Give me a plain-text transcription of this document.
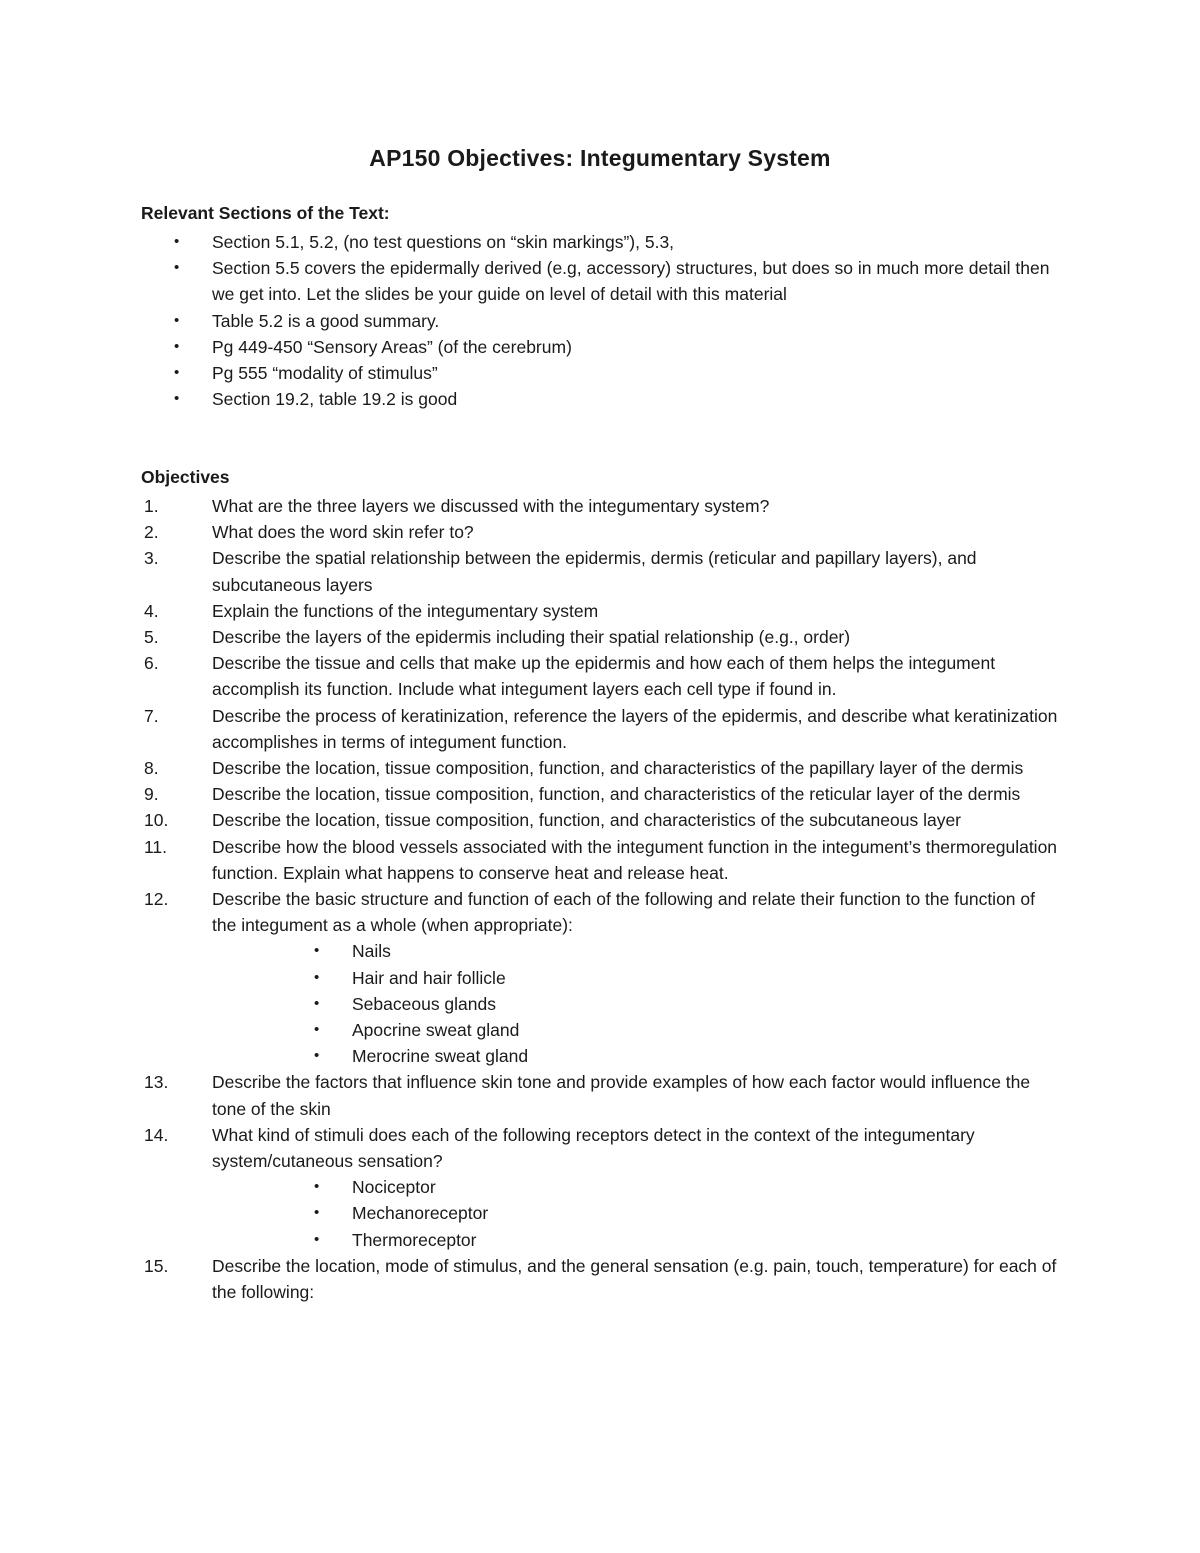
AP150 Objectives: Integumentary System
Relevant Sections of the Text:
•	Section 5.1, 5.2, (no test questions on “skin markings”), 5.3,
•	Section 5.5 covers the epidermally derived (e.g, accessory) structures, but does so in much more detail then we get into. Let the slides be your guide on level of detail with this material
•	Table 5.2 is a good summary.
•	Pg 449-450 “Sensory Areas” (of the cerebrum)
•	Pg 555 “modality of stimulus”
•	Section 19.2, table 19.2 is good
Objectives
1.	What are the three layers we discussed with the integumentary system?
2.	What does the word skin refer to?
3.	Describe the spatial relationship between the epidermis, dermis (reticular and papillary layers), and subcutaneous layers
4.	Explain the functions of the integumentary system
5.	Describe the layers of the epidermis including their spatial relationship (e.g., order)
6.	Describe the tissue and cells that make up the epidermis and how each of them helps the integument accomplish its function. Include what integument layers each cell type if found in.
7.	Describe the process of keratinization, reference the layers of the epidermis, and describe what keratinization accomplishes in terms of integument function.
8.	Describe the location, tissue composition, function, and characteristics of the papillary layer of the dermis
9.	Describe the location, tissue composition, function, and characteristics of the reticular layer of the dermis
10.	Describe the location, tissue composition, function, and characteristics of the subcutaneous layer
11.	Describe how the blood vessels associated with the integument function in the integument’s thermoregulation function. Explain what happens to conserve heat and release heat.
12.	Describe the basic structure and function of each of the following and relate their function to the function of the integument as a whole (when appropriate):
•	Nails
•	Hair and hair follicle
•	Sebaceous glands
•	Apocrine sweat gland
•	Merocrine sweat gland
13.	Describe the factors that influence skin tone and provide examples of how each factor would influence the tone of the skin
14.	What kind of stimuli does each of the following receptors detect in the context of the integumentary system/cutaneous sensation?
•	Nociceptor
•	Mechanoreceptor
•	Thermoreceptor
15.	Describe the location, mode of stimulus, and the general sensation (e.g. pain, touch, temperature) for each of the following:
